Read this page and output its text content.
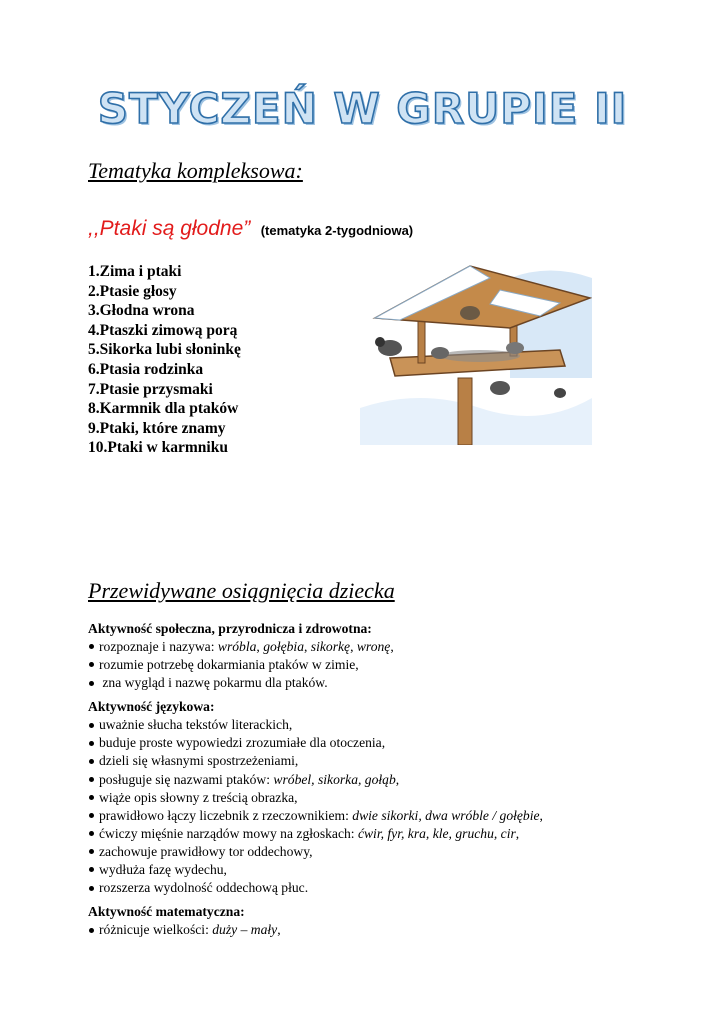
STYCZEŃ W GRUPIE II
Tematyka kompleksowa:
,,Ptaki są głodne” (tematyka 2-tygodniowa)
1.Zima i ptaki
2.Ptasie głosy
3.Głodna wrona
4.Ptaszki zimową porą
5.Sikorka lubi słoninkę
6.Ptasia rodzinka
7.Ptasie przysmaki
8.Karmnik dla ptaków
9.Ptaki, które znamy
10.Ptaki w karmniku
Przewidywane osiągnięcia dziecka
Aktywność społeczna, przyrodnicza i zdrowotna:
rozpoznaje i nazywa: wróbla, gołębia, sikorkę, wronę,
rozumie potrzebę dokarmiania ptaków w zimie,
zna wygląd i nazwę pokarmu dla ptaków.
Aktywność językowa:
uważnie słucha tekstów literackich,
buduje proste wypowiedzi zrozumiałe dla otoczenia,
dzieli się własnymi spostrzeżeniami,
posługuje się nazwami ptaków: wróbel, sikorka, gołąb,
wiąże opis słowny z treścią obrazka,
prawidłowo łączy liczebnik z rzeczownikiem: dwie sikorki, dwa wróble / gołębie,
ćwiczy mięśnie narządów mowy na zgłoskach: ćwir, fyr, kra, kle, gruchu, cir,
zachowuje prawidłowy tor oddechowy,
wydłuża fazę wydechu,
rozszerza wydolność oddechową płuc.
Aktywność matematyczna:
różnicuje wielkości: duży – mały,
